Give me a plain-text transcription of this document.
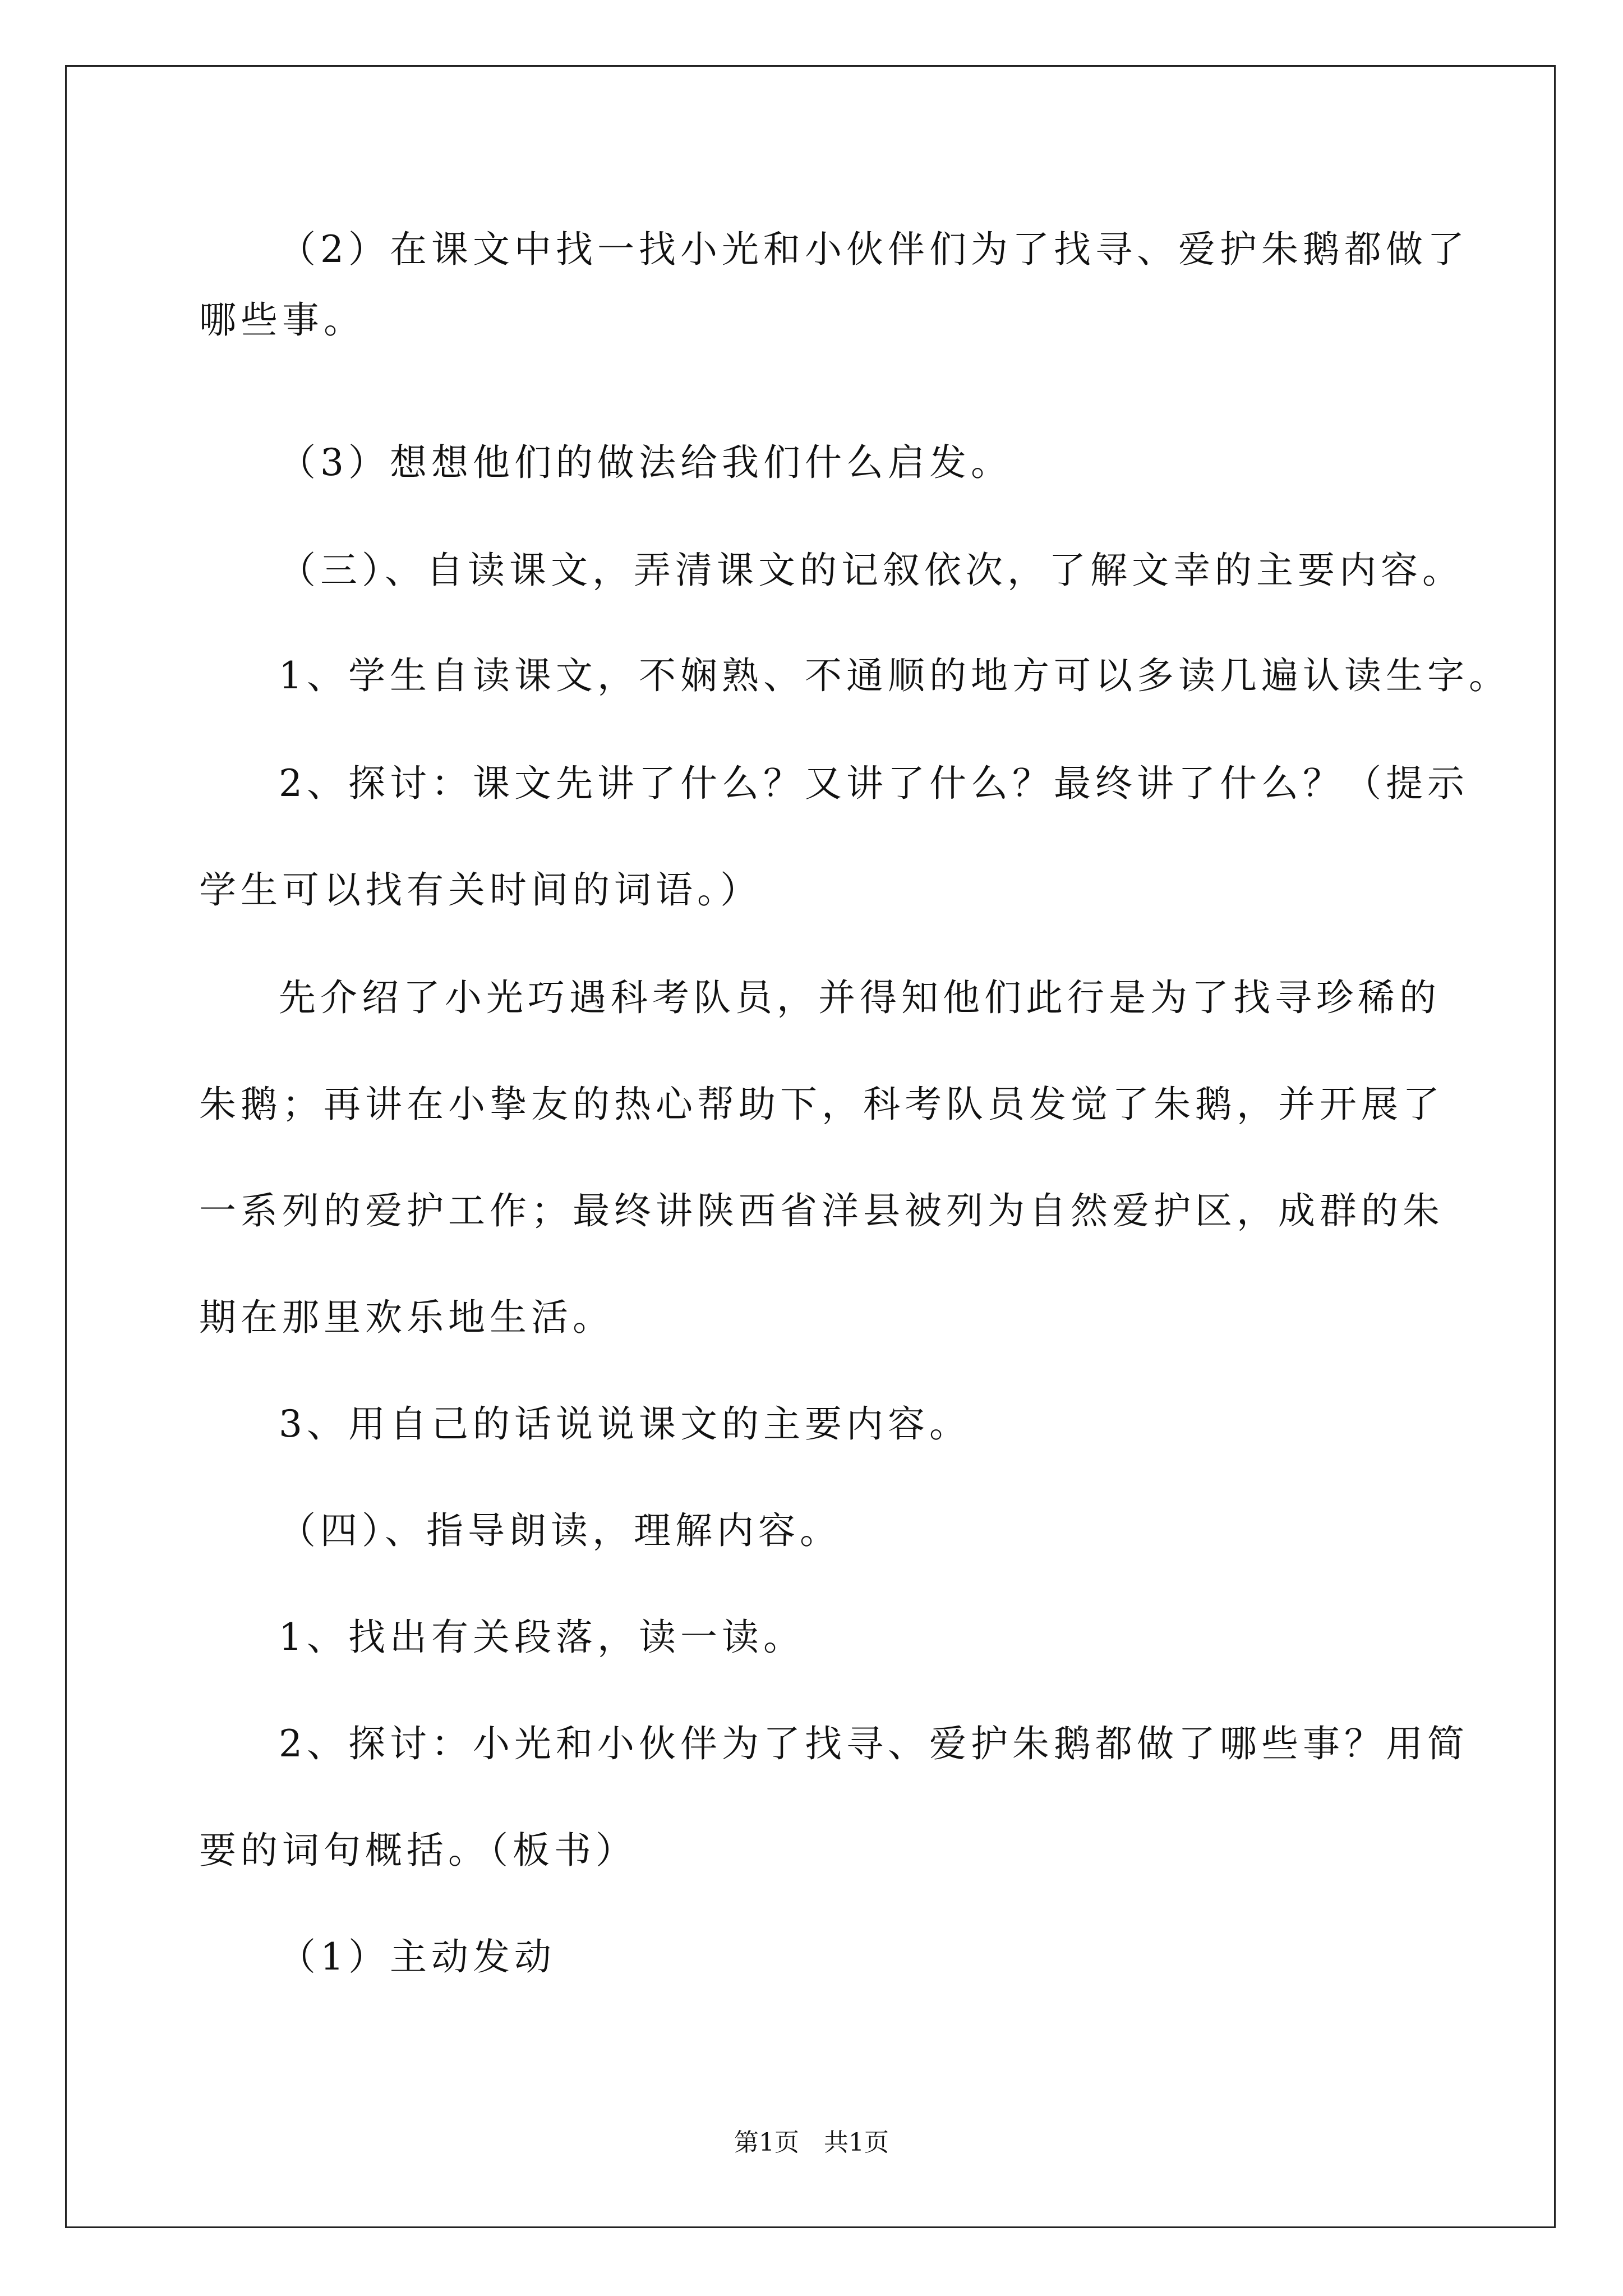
（2）在课文中找一找小光和小伙伴们为了找寻、爱护朱鹅都做了
哪些事。
（3）想想他们的做法给我们什么启发。
（三）、自读课文，弄清课文的记叙依次，了解文幸的主要内容。
1、学生自读课文，不娴熟、不通顺的地方可以多读几遍认读生字。
2、探讨：课文先讲了什么？又讲了什么？最终讲了什么？（提示
学生可以找有关时间的词语。）
先介绍了小光巧遇科考队员，并得知他们此行是为了找寻珍稀的
朱鹅；再讲在小挚友的热心帮助下，科考队员发觉了朱鹅，并开展了
一系列的爱护工作；最终讲陕西省洋县被列为自然爱护区，成群的朱
期在那里欢乐地生活。
3、用自己的话说说课文的主要内容。
（四）、指导朗读，理解内容。
1、找出有关段落，读一读。
2、探讨：小光和小伙伴为了找寻、爱护朱鹅都做了哪些事？用简
要的词句概括。（板书）
（1）主动发动
第1页　共1页
